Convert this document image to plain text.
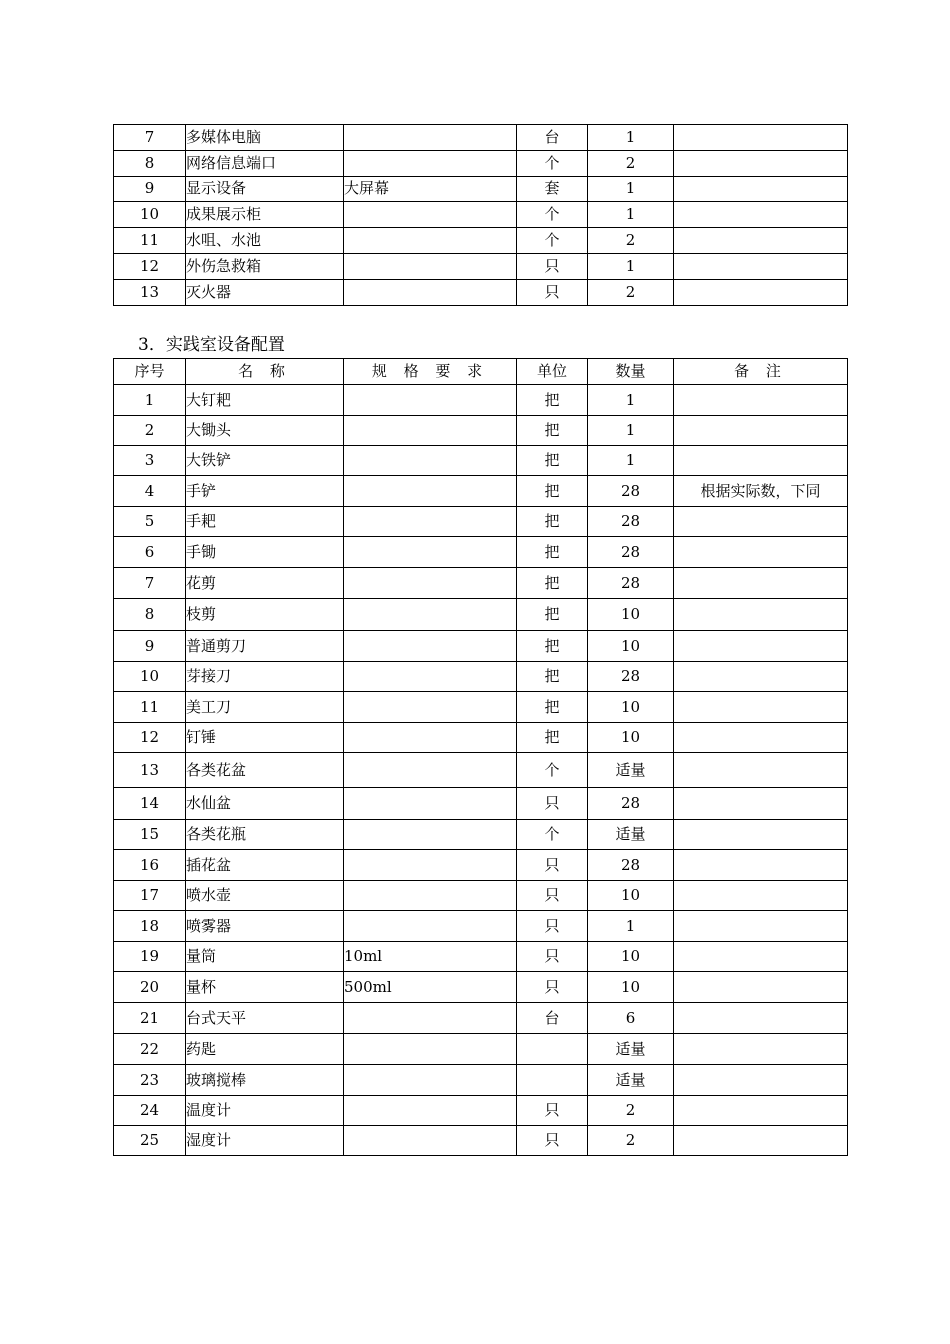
7	多媒体电脑		台	1	
8	网络信息端口		个	2	
9	显示设备	大屏幕	套	1	
10	成果展示柜		个	1	
11	水咀、水池		个	2	
12	外伤急救箱		只	1	
13	灭火器		只	2	
3．实践室设备配置
序号	名 称	规 格 要 求	单位	数量	备 注
1	大钉耙		把	1	
2	大锄头		把	1	
3	大铁铲		把	1	
4	手铲		把	28	根据实际数，下同
5	手耙		把	28	
6	手锄		把	28	
7	花剪		把	28	
8	枝剪		把	10	
9	普通剪刀		把	10	
10	芽接刀		把	28	
11	美工刀		把	10	
12	钉锤		把	10	
13	各类花盆		个	适量	
14	水仙盆		只	28	
15	各类花瓶		个	适量	
16	插花盆		只	28	
17	喷水壶		只	10	
18	喷雾器		只	1	
19	量筒	10ml	只	10	
20	量杯	500ml	只	10	
21	台式天平		台	6	
22	药匙			适量	
23	玻璃搅棒			适量	
24	温度计		只	2	
25	湿度计		只	2	
